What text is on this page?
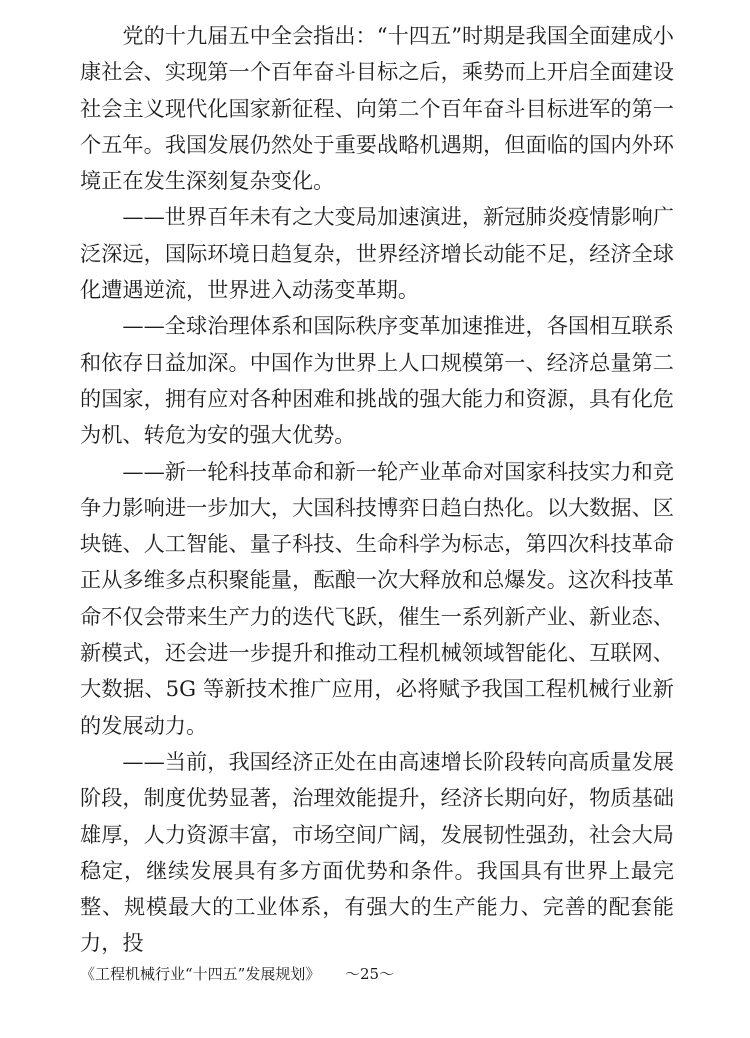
党的十九届五中全会指出：“十四五”时期是我国全面建成小康社会、实现第一个百年奋斗目标之后，乘势而上开启全面建设社会主义现代化国家新征程、向第二个百年奋斗目标进军的第一个五年。我国发展仍然处于重要战略机遇期，但面临的国内外环境正在发生深刻复杂变化。

——世界百年未有之大变局加速演进，新冠肺炎疫情影响广泛深远，国际环境日趋复杂，世界经济增长动能不足，经济全球化遭遇逆流，世界进入动荡变革期。

——全球治理体系和国际秩序变革加速推进，各国相互联系和依存日益加深。中国作为世界上人口规模第一、经济总量第二的国家，拥有应对各种困难和挑战的强大能力和资源，具有化危为机、转危为安的强大优势。

——新一轮科技革命和新一轮产业革命对国家科技实力和竞争力影响进一步加大，大国科技博弈日趋白热化。以大数据、区块链、人工智能、量子科技、生命科学为标志，第四次科技革命正从多维多点积聚能量，酝酿一次大释放和总爆发。这次科技革命不仅会带来生产力的迭代飞跃，催生一系列新产业、新业态、新模式，还会进一步提升和推动工程机械领域智能化、互联网、大数据、5G 等新技术推广应用，必将赋予我国工程机械行业新的发展动力。

——当前，我国经济正处在由高速增长阶段转向高质量发展阶段，制度优势显著，治理效能提升，经济长期向好，物质基础雄厚，人力资源丰富，市场空间广阔，发展韧性强劲，社会大局稳定，继续发展具有多方面优势和条件。我国具有世界上最完整、规模最大的工业体系，有强大的生产能力、完善的配套能力，投

《工程机械行业“十四五”发展规划》 ～25～
